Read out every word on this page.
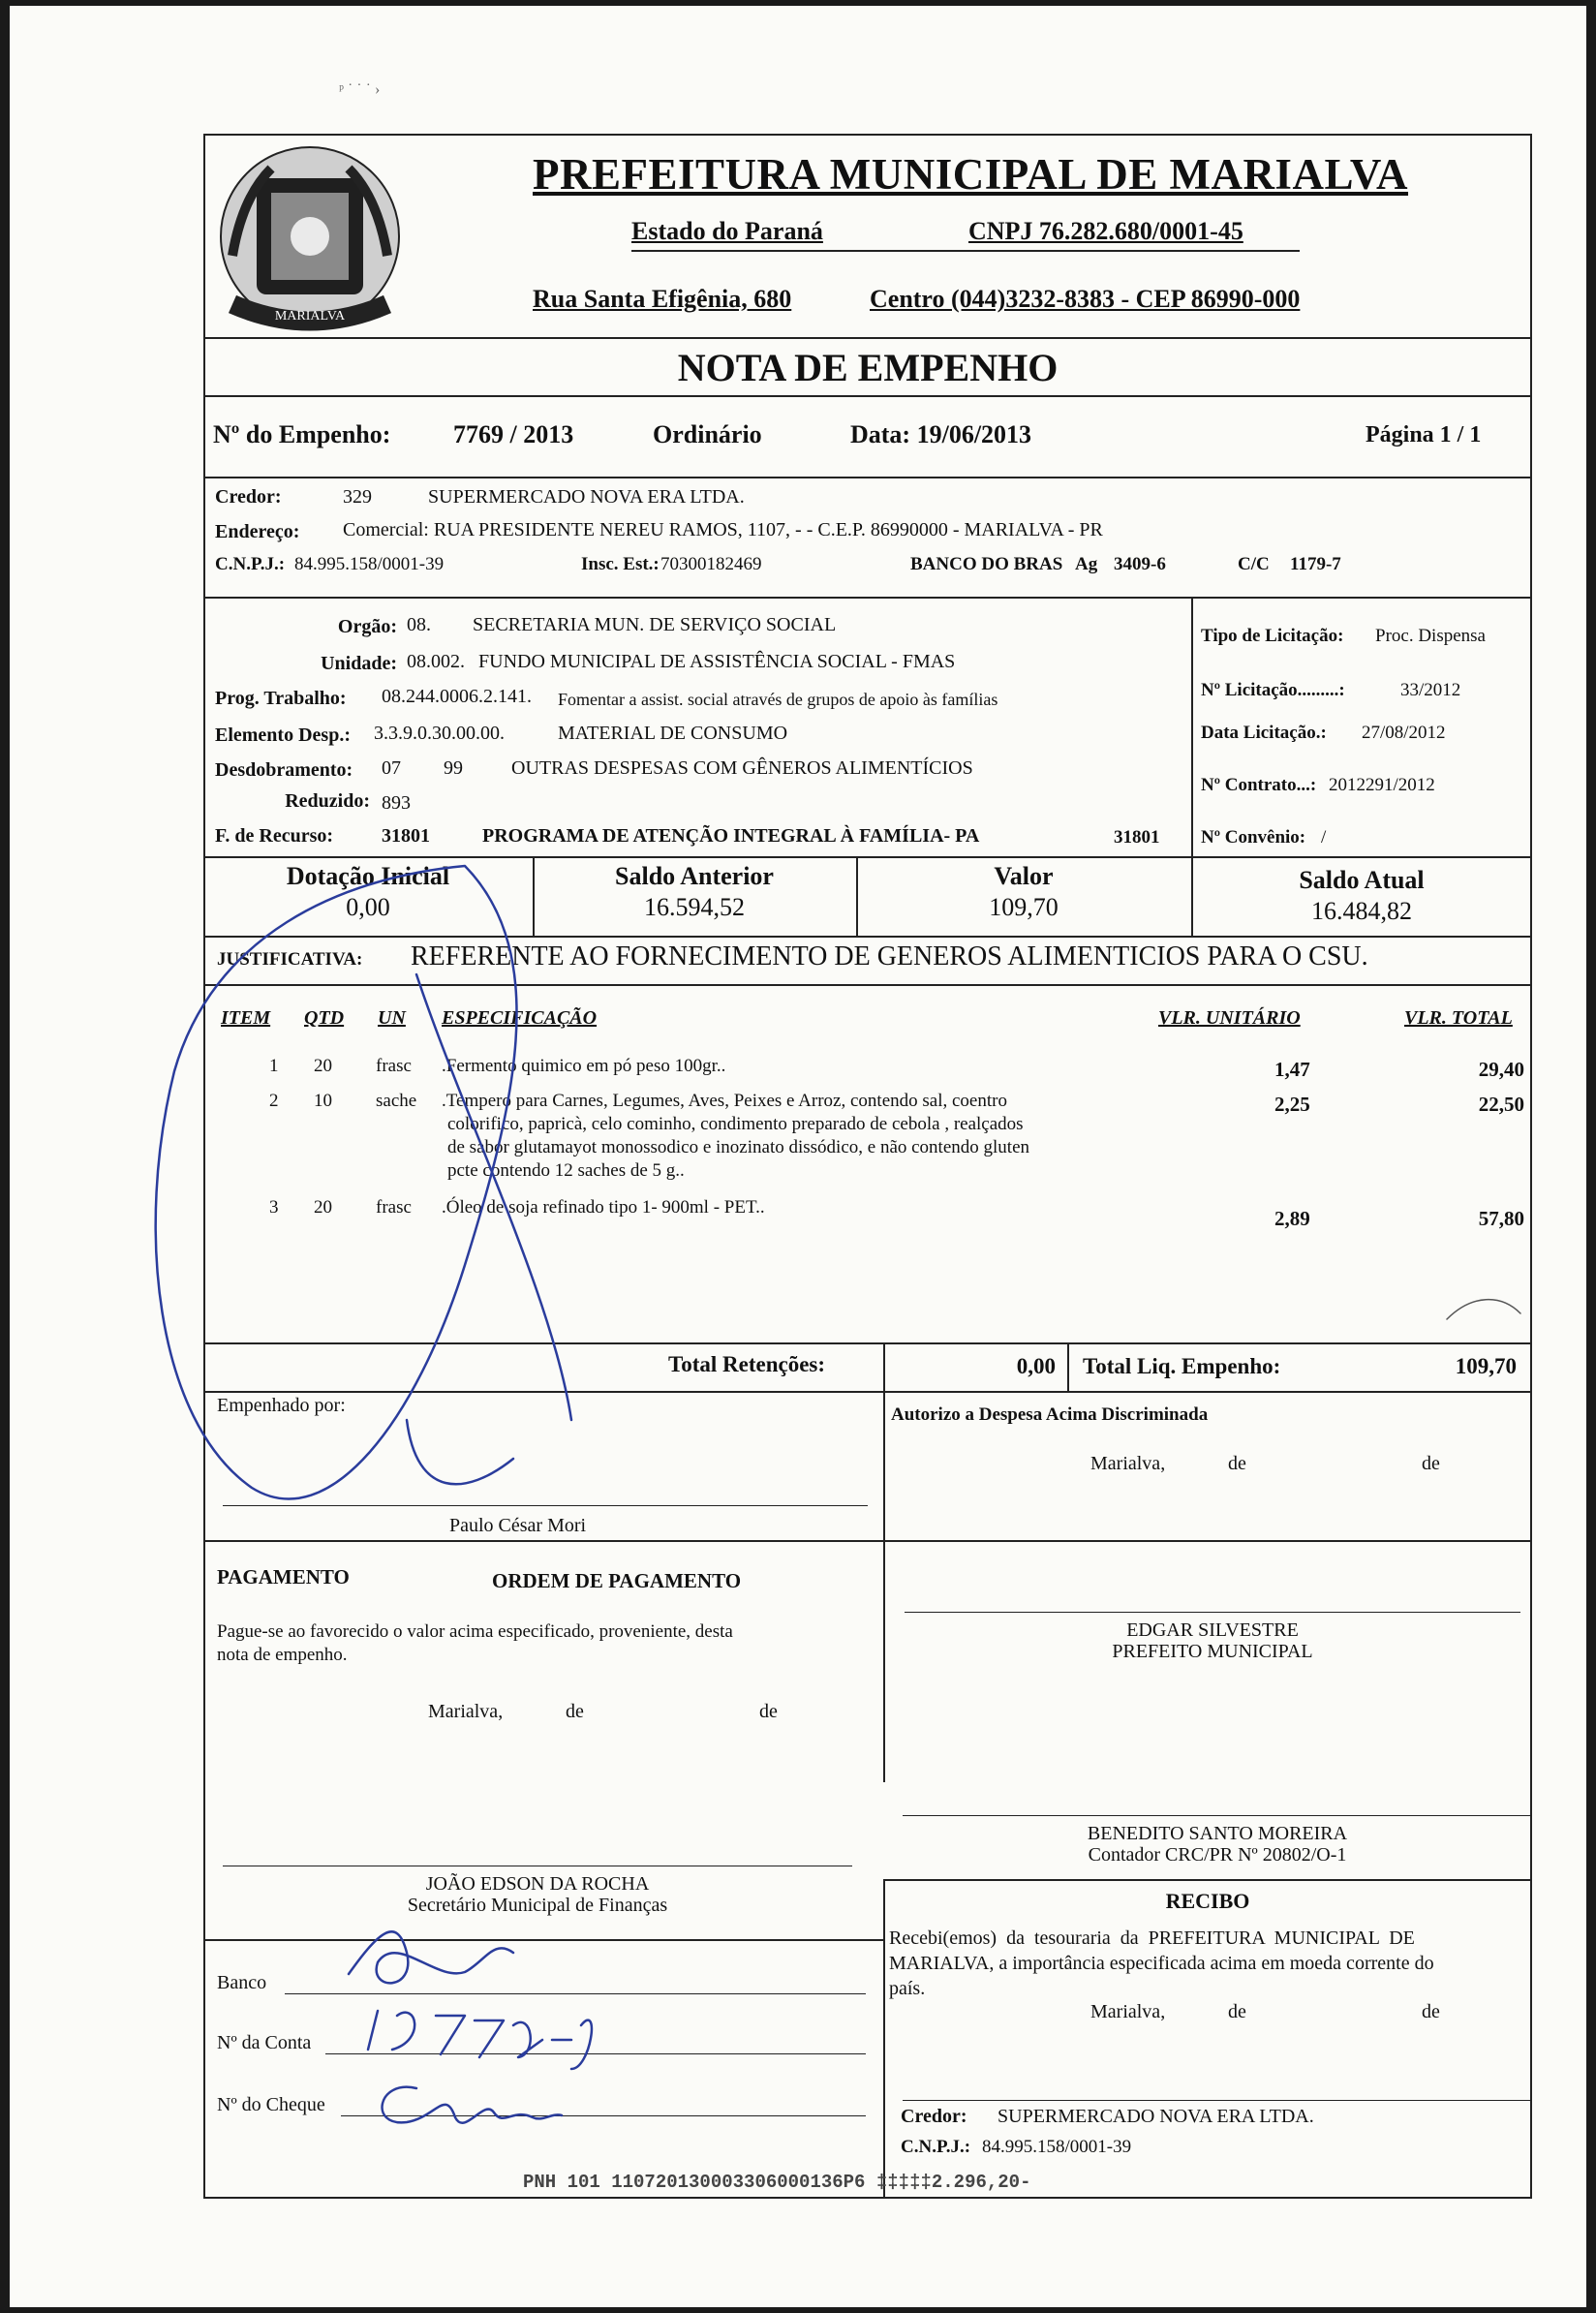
ᵖ ˙ ˙ ˙ ›
MARIALVA
PREFEITURA MUNICIPAL DE MARIALVA
Estado do Paraná	CNPJ 76.282.680/0001-45
Rua Santa Efigênia, 680	Centro (044)3232-8383 - CEP 86990-000
NOTA DE EMPENHO
Nº do Empenho: 7769 / 2013	Ordinário	Data: 19/06/2013	Página 1 / 1
Credor:	329	SUPERMERCADO NOVA ERA LTDA.
Endereço: Comercial: RUA PRESIDENTE NEREU RAMOS, 1107, - - C.E.P. 86990000 - MARIALVA - PR
C.N.P.J.: 84.995.158/0001-39	Insc. Est.: 70300182469	BANCO DO BRAS Ag 3409-6	C/C 1179-7
Orgão: 08. SECRETARIA MUN. DE SERVIÇO SOCIAL
Unidade: 08.002. FUNDO MUNICIPAL DE ASSISTÊNCIA SOCIAL - FMAS
Prog. Trabalho: 08.244.0006.2.141. Fomentar a assist. social através de grupos de apoio às famílias
Elemento Desp.: 3.3.9.0.30.00.00.	MATERIAL DE CONSUMO
Desdobramento: 07 99	OUTRAS DESPESAS COM GÊNEROS ALIMENTÍCIOS
Reduzido: 893
F. de Recurso: 31801	PROGRAMA DE ATENÇÃO INTEGRAL À FAMÍLIA- PA	31801
Tipo de Licitação: Proc. Dispensa
Nº Licitação.........:	33/2012
Data Licitação.: 27/08/2012
Nº Contrato...: 2012291/2012
Nº Convênio: /
Dotação Inicial
0,00
Saldo Anterior
16.594,52
Valor
109,70
Saldo Atual
16.484,82
JUSTIFICATIVA: REFERENTE AO FORNECIMENTO DE GENEROS ALIMENTICIOS PARA O CSU.
ITEM QTD UN ESPECIFICAÇÃO	VLR. UNITÁRIO	VLR. TOTAL
1 20 frasc .Fermento quimico em pó peso 100gr..	1,47	29,40
2 10 sache .Tempero para Carnes, Legumes, Aves, Peixes e Arroz, contendo sal, coentro
colorifico, papricà, celo cominho, condimento preparado de cebola , realçados
de sabor glutamayot monossodico e inozinato dissódico, e não contendo gluten
pcte contendo 12 saches de 5 g..
2,25	22,50
3 20 frasc .Óleo de soja refinado tipo 1- 900ml - PET..	2,89	57,80
Total Retenções:	0,00 Total Liq. Empenho:	109,70
Empenhado por:
Paulo César Mori
Autorizo a Despesa Acima Discriminada
Marialva,	de	de
PAGAMENTO	ORDEM DE PAGAMENTO
Pague-se ao favorecido o valor acima especificado, proveniente, desta
nota de empenho.
Marialva,	de	de
EDGAR SILVESTRE
PREFEITO MUNICIPAL
BENEDITO SANTO MOREIRA
Contador CRC/PR Nº 20802/O-1
JOÃO EDSON DA ROCHA
Secretário Municipal de Finanças	RECIBO
Recebi(emos) da tesouraria da PREFEITURA MUNICIPAL DE
MARIALVA, a importância especificada acima em moeda corrente do
país.
Marialva,	de	de
Credor: SUPERMERCADO NOVA ERA LTDA.
C.N.P.J.: 84.995.158/0001-39
Banco
Nº da Conta
Nº do Cheque
PNH 101 110720130003306000136P6 ‡‡‡‡‡2.296,20-
